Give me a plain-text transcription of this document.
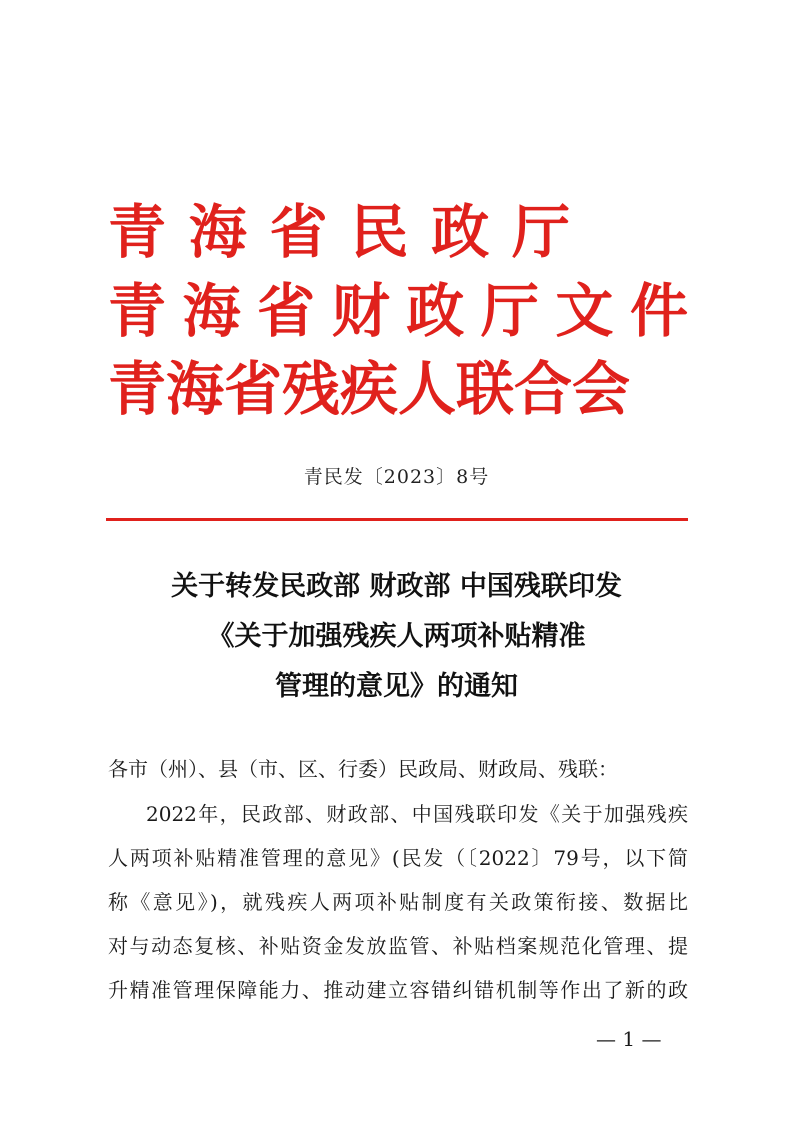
青 海 省 民 政 厅
青 海 省 财 政 厅 文 件
青 海 省 残 疾 人 联 合 会
青民发〔2023〕8号
关于转发民政部 财政部 中国残联印发
《关于加强残疾人两项补贴精准
管理的意见》的通知
各市（州）、县（市、区、行委）民政局、财政局、残联：
2022年，民政部、财政部、中国残联印发《关于加强残疾
人两项补贴精准管理的意见》(民发（〔2022〕79号，以下简
称《意见》)，就残疾人两项补贴制度有关政策衔接、数据比
对与动态复核、补贴资金发放监管、补贴档案规范化管理、提
升精准管理保障能力、推动建立容错纠错机制等作出了新的政
— 1 —
